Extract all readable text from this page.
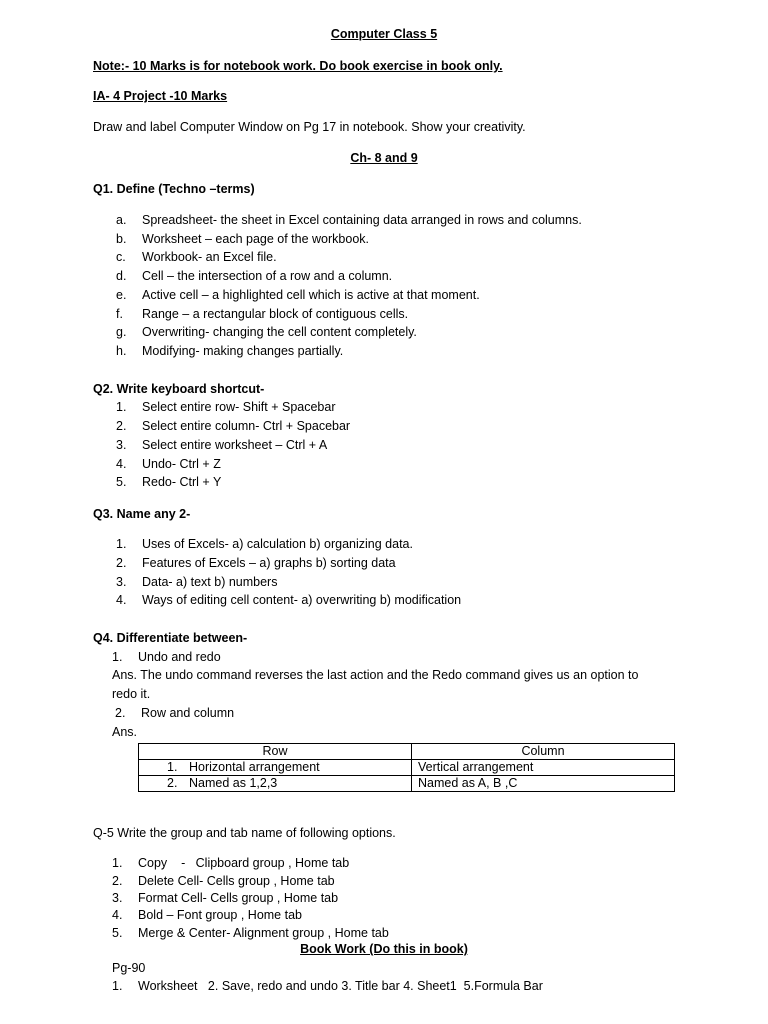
Computer Class 5
Note:- 10 Marks is for notebook work. Do book exercise in book only.
IA- 4 Project -10 Marks
Draw and label Computer Window on Pg 17 in notebook. Show your creativity.
Ch- 8 and 9
Q1. Define (Techno –terms)
a. Spreadsheet- the sheet in Excel containing data arranged in rows and columns.
b. Worksheet – each page of the workbook.
c. Workbook- an Excel file.
d. Cell – the intersection of a row and a column.
e. Active cell – a highlighted cell which is active at that moment.
f. Range – a rectangular block of contiguous cells.
g. Overwriting- changing the cell content completely.
h. Modifying- making changes partially.
Q2. Write keyboard shortcut-
1. Select entire row- Shift + Spacebar
2. Select entire column- Ctrl + Spacebar
3. Select entire worksheet – Ctrl + A
4. Undo- Ctrl + Z
5. Redo- Ctrl + Y
Q3. Name any 2-
1. Uses of Excels- a) calculation b) organizing data.
2. Features of Excels – a) graphs b) sorting data
3. Data- a) text b) numbers
4. Ways of editing cell content- a) overwriting b) modification
Q4. Differentiate between-
1. Undo and redo
Ans. The undo command reverses the last action and the Redo command gives us an option to
redo it.
2. Row and column
Ans.
Row	Column
1. Horizontal arrangement	Vertical arrangement
2. Named as 1,2,3	Named as A, B ,C
Q-5 Write the group and tab name of following options.
1. Copy    -   Clipboard group , Home tab
2. Delete Cell- Cells group , Home tab
3. Format Cell- Cells group , Home tab
4. Bold – Font group , Home tab
5. Merge & Center- Alignment group , Home tab
Book Work (Do this in book)
Pg-90
1. Worksheet   2. Save, redo and undo 3. Title bar 4. Sheet1  5.Formula Bar
